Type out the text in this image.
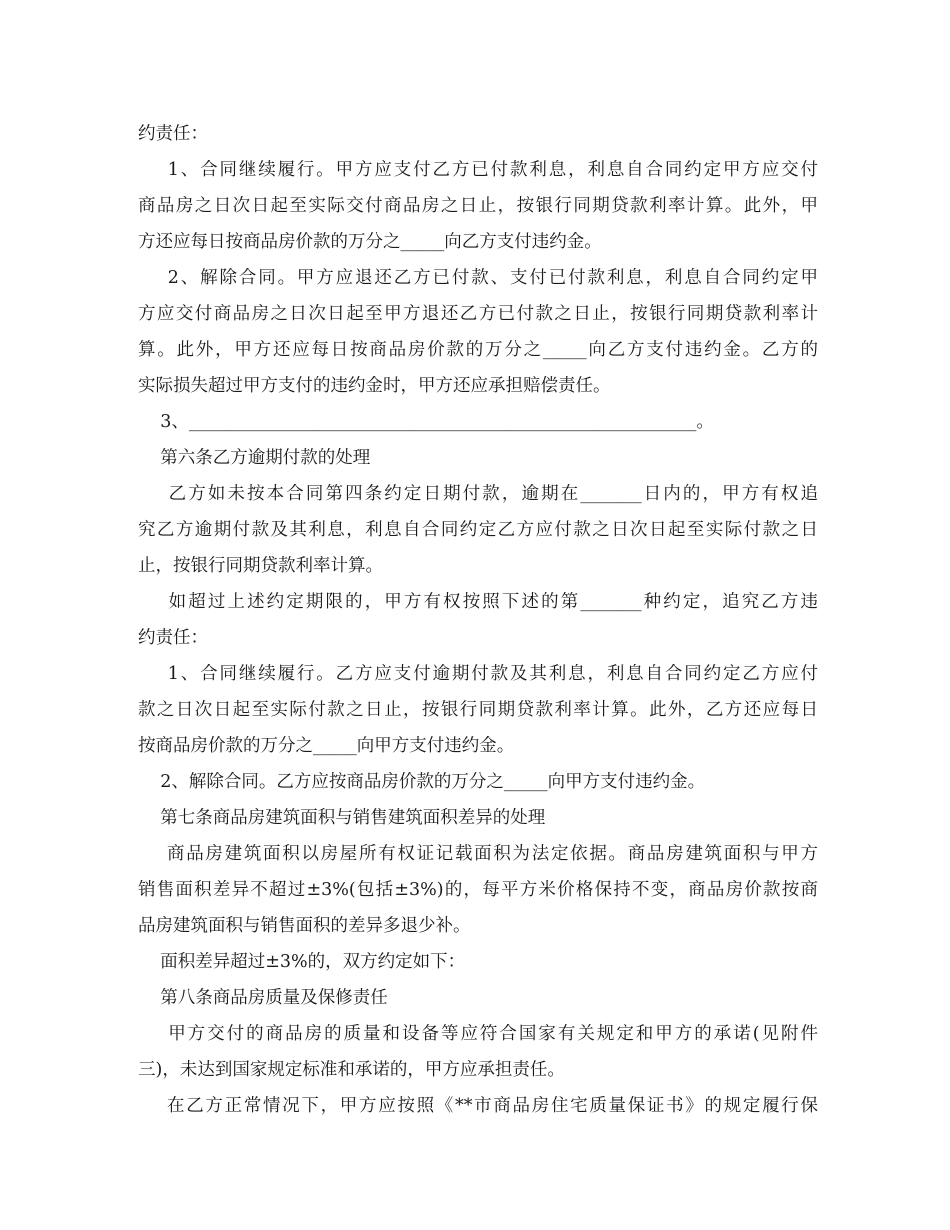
约责任：
1、合同继续履行。甲方应支付乙方已付款利息，利息自合同约定甲方应交付
商品房之日次日起至实际交付商品房之日止，按银行同期贷款利率计算。此外，甲
方还应每日按商品房价款的万分之_____向乙方支付违约金。
2、解除合同。甲方应退还乙方已付款、支付已付款利息，利息自合同约定甲
方应交付商品房之日次日起至甲方退还乙方已付款之日止，按银行同期贷款利率计
算。此外，甲方还应每日按商品房价款的万分之_____向乙方支付违约金。乙方的
实际损失超过甲方支付的违约金时，甲方还应承担赔偿责任。
3、__________________________________________________________。
第六条乙方逾期付款的处理
乙方如未按本合同第四条约定日期付款，逾期在_______日内的，甲方有权追
究乙方逾期付款及其利息，利息自合同约定乙方应付款之日次日起至实际付款之日
止，按银行同期贷款利率计算。
如超过上述约定期限的，甲方有权按照下述的第_______种约定，追究乙方违
约责任：
1、合同继续履行。乙方应支付逾期付款及其利息，利息自合同约定乙方应付
款之日次日起至实际付款之日止，按银行同期贷款利率计算。此外，乙方还应每日
按商品房价款的万分之_____向甲方支付违约金。
2、解除合同。乙方应按商品房价款的万分之_____向甲方支付违约金。
第七条商品房建筑面积与销售建筑面积差异的处理
商品房建筑面积以房屋所有权证记载面积为法定依据。商品房建筑面积与甲方
销售面积差异不超过±3%(包括±3%)的，每平方米价格保持不变，商品房价款按商
品房建筑面积与销售面积的差异多退少补。
面积差异超过±3%的，双方约定如下：
第八条商品房质量及保修责任
甲方交付的商品房的质量和设备等应符合国家有关规定和甲方的承诺(见附件
三)，未达到国家规定标准和承诺的，甲方应承担责任。
在乙方正常情况下，甲方应按照《**市商品房住宅质量保证书》的规定履行保
